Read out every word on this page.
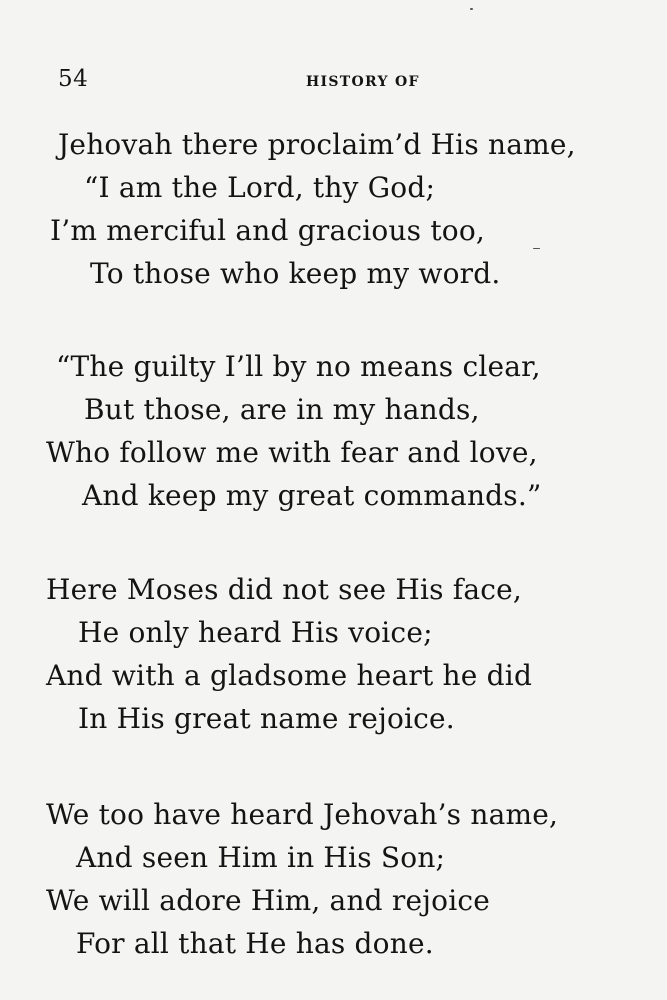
54	HISTORY OF
Jehovah there proclaim’d His name,
“I am the Lord, thy God;
I’m merciful and gracious too,
To those who keep my word.
“The guilty I’ll by no means clear,
But those, are in my hands,
Who follow me with fear and love,
And keep my great commands.”
Here Moses did not see His face,
He only heard His voice;
And with a gladsome heart he did
In His great name rejoice.
We too have heard Jehovah’s name,
And seen Him in His Son;
We will adore Him, and rejoice
For all that He has done.
